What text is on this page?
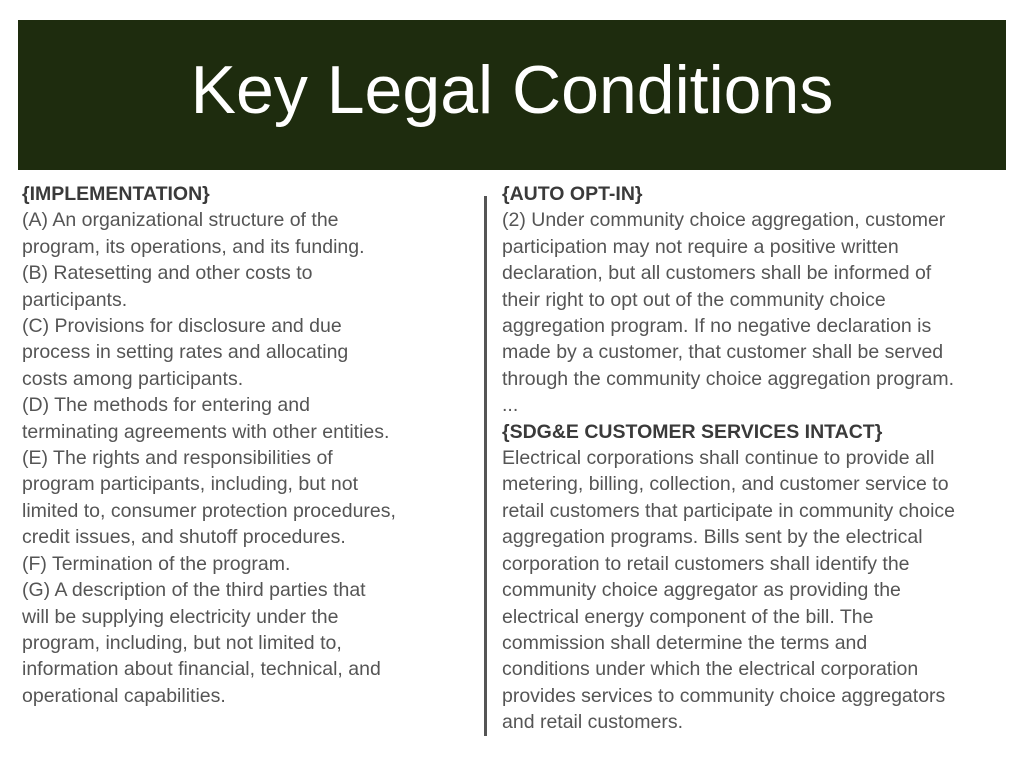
Key Legal Conditions
{IMPLEMENTATION}
(A) An organizational structure of the
program, its operations, and its funding.
(B) Ratesetting and other costs to
participants.
(C) Provisions for disclosure and due
process in setting rates and allocating
costs among participants.
(D) The methods for entering and
terminating agreements with other entities.
(E) The rights and responsibilities of
program participants, including, but not
limited to, consumer protection procedures,
credit issues, and shutoff procedures.
(F) Termination of the program.
(G) A description of the third parties that
will be supplying electricity under the
program, including, but not limited to,
information about financial, technical, and
operational capabilities.
{AUTO OPT-IN}
(2) Under community choice aggregation, customer
participation may not require a positive written
declaration, but all customers shall be informed of
their right to opt out of the community choice
aggregation program. If no negative declaration is
made by a customer, that customer shall be served
through the community choice aggregation program.
...
{SDG&E CUSTOMER SERVICES INTACT}
Electrical corporations shall continue to provide all
metering, billing, collection, and customer service to
retail customers that participate in community choice
aggregation programs. Bills sent by the electrical
corporation to retail customers shall identify the
community choice aggregator as providing the
electrical energy component of the bill. The
commission shall determine the terms and
conditions under which the electrical corporation
provides services to community choice aggregators
and retail customers.
